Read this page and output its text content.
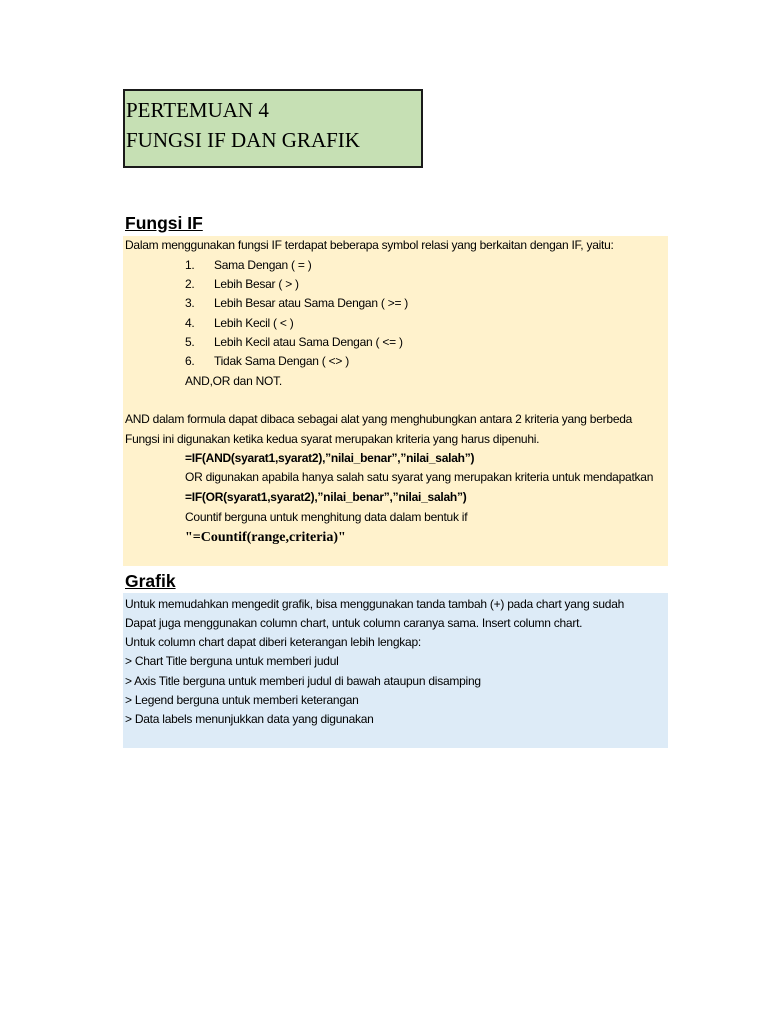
PERTEMUAN 4
FUNGSI IF DAN GRAFIK
Fungsi IF
Dalam menggunakan fungsi IF terdapat beberapa symbol relasi yang berkaitan dengan IF, yaitu:
1. Sama Dengan ( = )
2. Lebih Besar ( > )
3. Lebih Besar atau Sama Dengan ( >= )
4. Lebih Kecil ( < )
5. Lebih Kecil atau Sama Dengan ( <= )
6. Tidak Sama Dengan ( <> )
AND,OR dan NOT.
AND dalam formula dapat dibaca sebagai alat yang menghubungkan antara 2 kriteria yang berbeda
Fungsi ini digunakan ketika kedua syarat merupakan kriteria yang harus dipenuhi.
=IF(AND(syarat1,syarat2),”nilai_benar”,”nilai_salah”)
OR digunakan apabila hanya salah satu syarat yang merupakan kriteria untuk mendapatkan
=IF(OR(syarat1,syarat2),”nilai_benar”,”nilai_salah”)
Countif berguna untuk menghitung data dalam bentuk if
"=Countif(range,criteria)"
Grafik
Untuk memudahkan mengedit grafik, bisa menggunakan tanda tambah (+) pada chart yang sudah
Dapat juga menggunakan column chart, untuk column caranya sama. Insert column chart.
Untuk column chart dapat diberi keterangan lebih lengkap:
> Chart Title berguna untuk memberi judul
> Axis Title berguna untuk memberi judul di bawah ataupun disamping
> Legend berguna untuk memberi keterangan
> Data labels menunjukkan data yang digunakan
